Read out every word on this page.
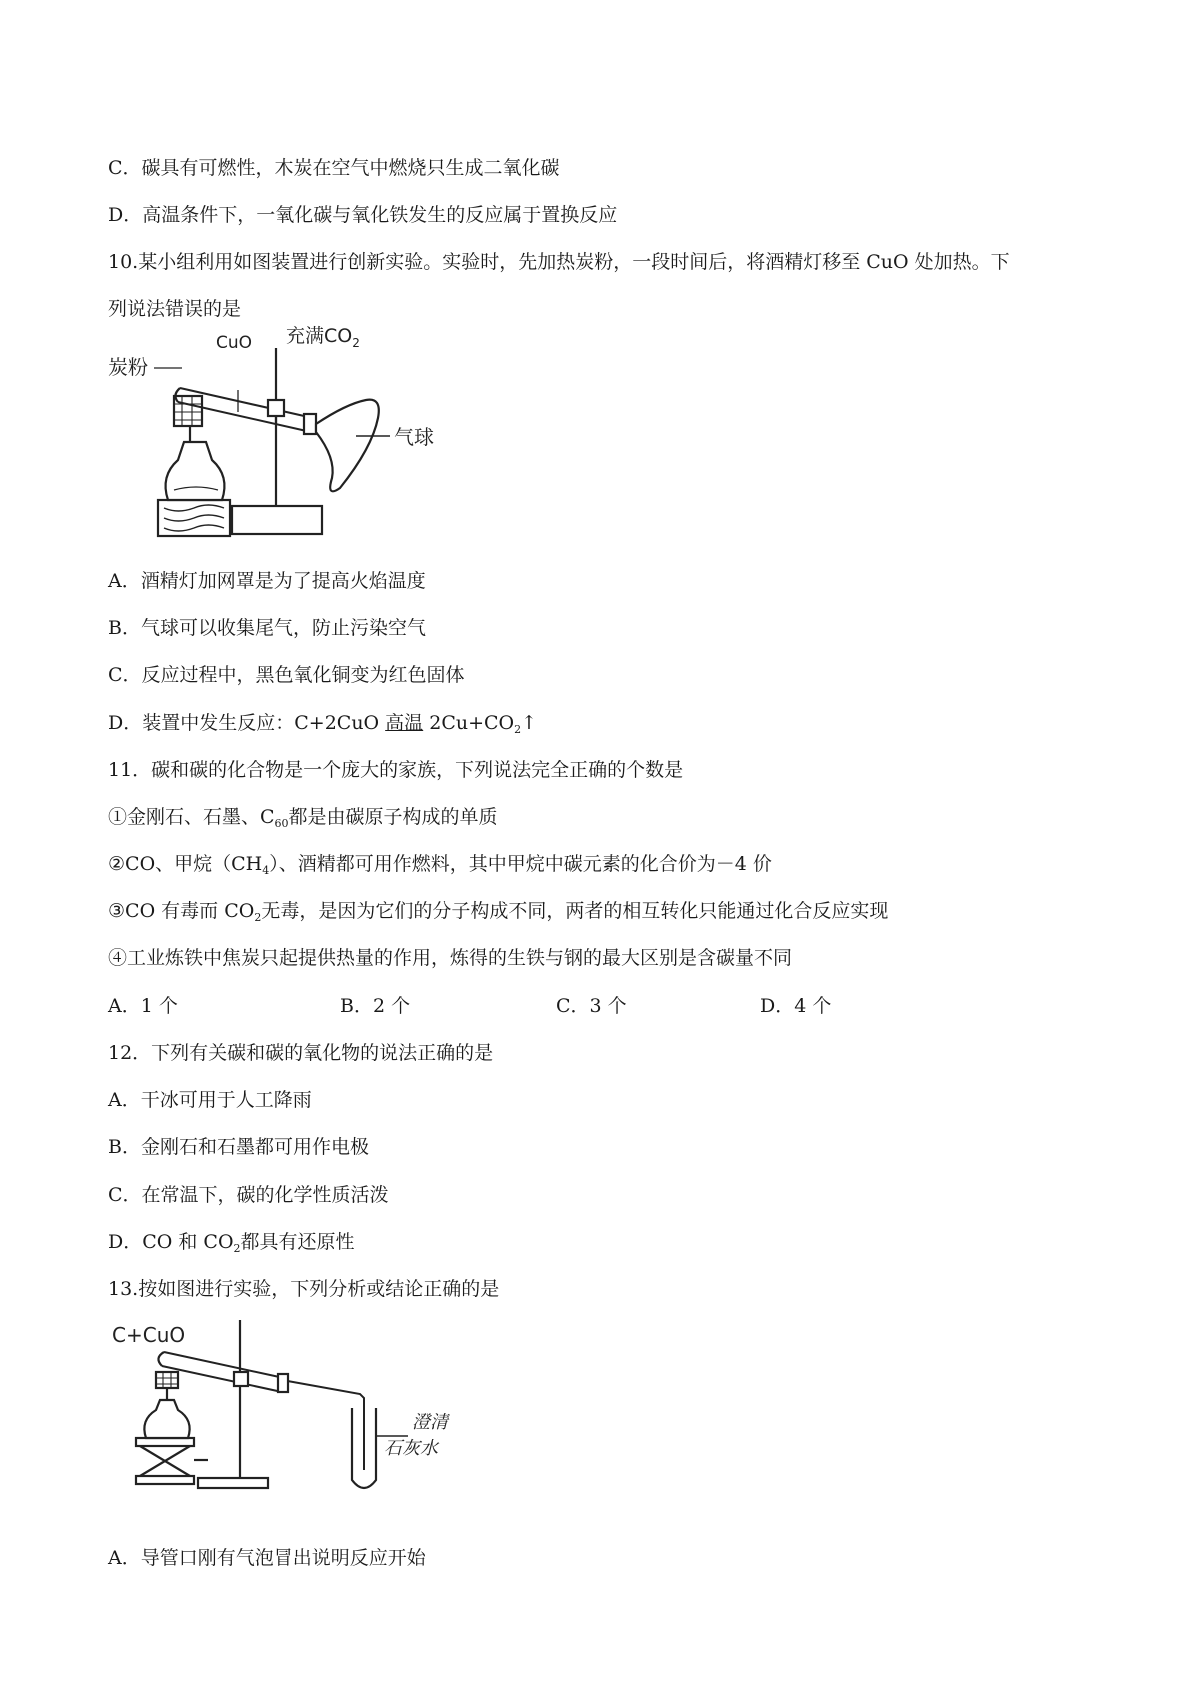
C．碳具有可燃性，木炭在空气中燃烧只生成二氧化碳
D．高温条件下，一氧化碳与氧化铁发生的反应属于置换反应
10.某小组利用如图装置进行创新实验。实验时，先加热炭粉，一段时间后，将酒精灯移至 CuO 处加热。下
列说法错误的是
炭粉
CuO 充满$CO_2$
气球
A．酒精灯加网罩是为了提高火焰温度
B．气球可以收集尾气，防止污染空气
C．反应过程中，黑色氧化铜变为红色固体
D．装置中发生反应：C+2CuO 高温 $2Cu+CO_2↑$
11．碳和碳的化合物是一个庞大的家族，下列说法完全正确的个数是
①金刚石、石墨、$C_{60}$都是由碳原子构成的单质
②CO、甲烷$(CH_4)$、酒精都可用作燃料，其中甲烷中碳元素的化合价为－4 价
③CO 有毒而 $CO_2$无毒，是因为它们的分子构成不同，两者的相互转化只能通过化合反应实现
④工业炼铁中焦炭只起提供热量的作用，炼得的生铁与钢的最大区别是含碳量不同
A．1 个	B．2 个	C．3 个	D．4 个
12．下列有关碳和碳的氧化物的说法正确的是
A．干冰可用于人工降雨
B．金刚石和石墨都可用作电极
C．在常温下，碳的化学性质活泼
D．CO 和 $CO_2$都具有还原性
13.按如图进行实验，下列分析或结论正确的是
C+CuO
澄清
石灰水
A．导管口刚有气泡冒出说明反应开始
